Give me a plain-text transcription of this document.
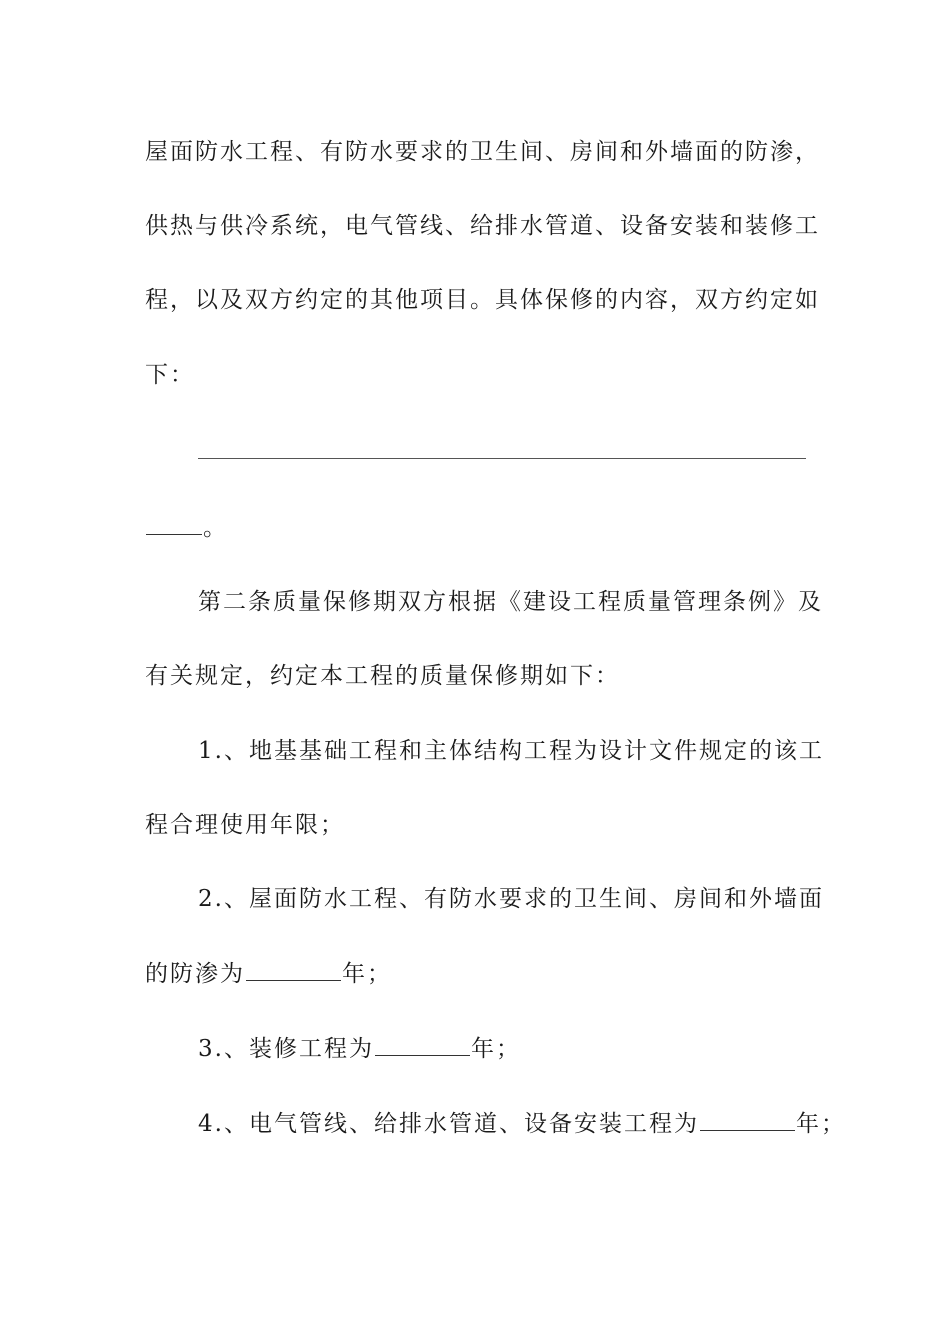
屋面防水工程、有防水要求的卫生间、房间和外墙面的防渗，
供热与供冷系统，电气管线、给排水管道、设备安装和装修工
程，以及双方约定的其他项目。具体保修的内容，双方约定如
下：
。
第二条质量保修期双方根据《建设工程质量管理条例》及
有关规定，约定本工程的质量保修期如下：
1.、地基基础工程和主体结构工程为设计文件规定的该工
程合理使用年限；
2.、屋面防水工程、有防水要求的卫生间、房间和外墙面
的防渗为	年；
3.、装修工程为	年；
4.、电气管线、给排水管道、设备安装工程为	年；
